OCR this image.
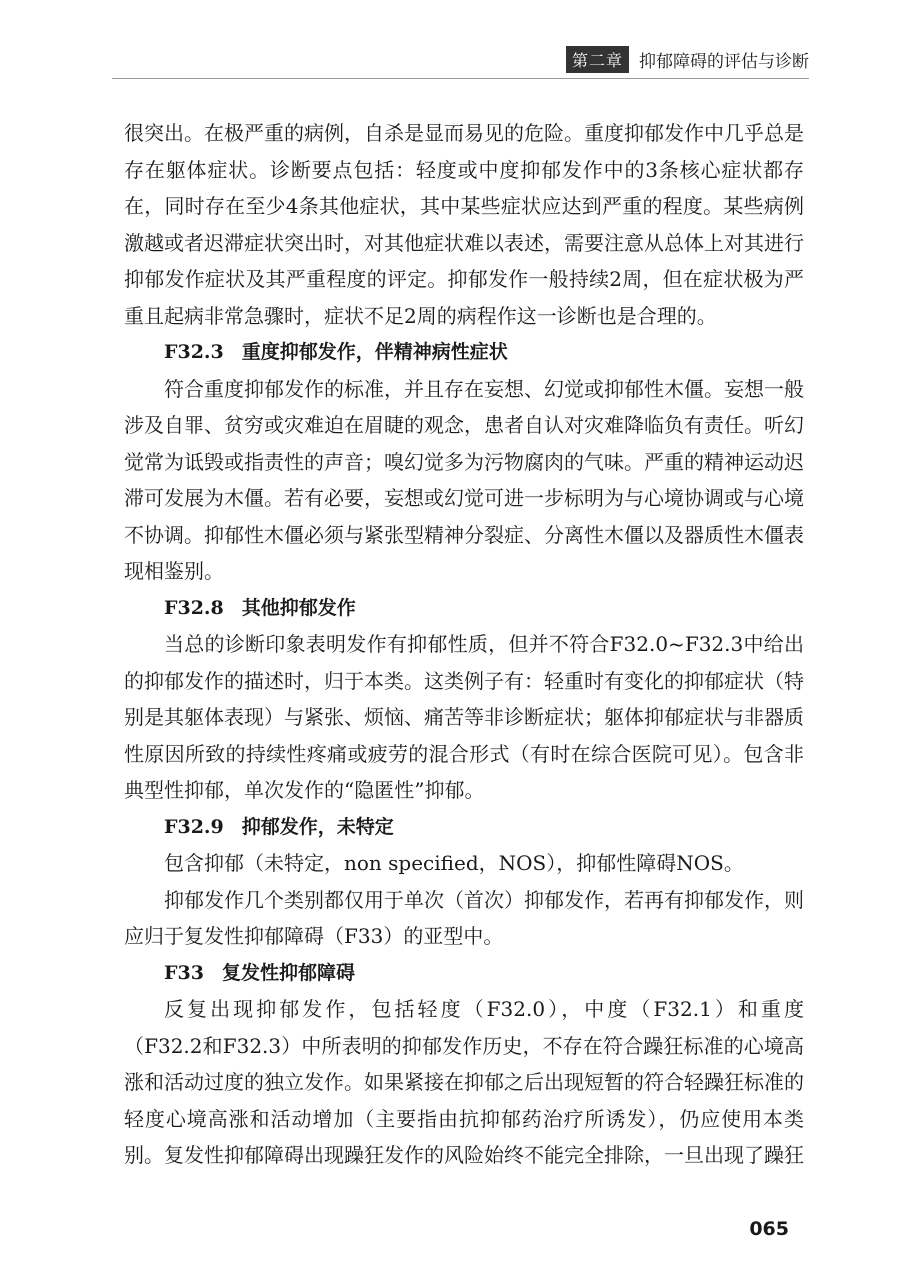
第二章 抑郁障碍的评估与诊断

很突出。在极严重的病例，自杀是显而易见的危险。重度抑郁发作中几乎总是存在躯体症状。诊断要点包括：轻度或中度抑郁发作中的3条核心症状都存在，同时存在至少4条其他症状，其中某些症状应达到严重的程度。某些病例激越或者迟滞症状突出时，对其他症状难以表述，需要注意从总体上对其进行抑郁发作症状及其严重程度的评定。抑郁发作一般持续2周，但在症状极为严重且起病非常急骤时，症状不足2周的病程作这一诊断也是合理的。

F32.3 重度抑郁发作，伴精神病性症状

符合重度抑郁发作的标准，并且存在妄想、幻觉或抑郁性木僵。妄想一般涉及自罪、贫穷或灾难迫在眉睫的观念，患者自认对灾难降临负有责任。听幻觉常为诋毁或指责性的声音；嗅幻觉多为污物腐肉的气味。严重的精神运动迟滞可发展为木僵。若有必要，妄想或幻觉可进一步标明为与心境协调或与心境不协调。抑郁性木僵必须与紧张型精神分裂症、分离性木僵以及器质性木僵表现相鉴别。

F32.8 其他抑郁发作

当总的诊断印象表明发作有抑郁性质，但并不符合F32.0~F32.3中给出的抑郁发作的描述时，归于本类。这类例子有：轻重时有变化的抑郁症状（特别是其躯体表现）与紧张、烦恼、痛苦等非诊断症状；躯体抑郁症状与非器质性原因所致的持续性疼痛或疲劳的混合形式（有时在综合医院可见）。包含非典型性抑郁，单次发作的“隐匿性”抑郁。

F32.9 抑郁发作，未特定

包含抑郁（未特定，non specified，NOS），抑郁性障碍NOS。

抑郁发作几个类别都仅用于单次（首次）抑郁发作，若再有抑郁发作，则应归于复发性抑郁障碍（F33）的亚型中。

F33 复发性抑郁障碍

反复出现抑郁发作，包括轻度（F32.0），中度（F32.1）和重度（F32.2和F32.3）中所表明的抑郁发作历史，不存在符合躁狂标准的心境高涨和活动过度的独立发作。如果紧接在抑郁之后出现短暂的符合轻躁狂标准的轻度心境高涨和活动增加（主要指由抗抑郁药治疗所诱发），仍应使用本类别。复发性抑郁障碍出现躁狂发作的风险始终不能完全排除，一旦出现了躁狂

065
